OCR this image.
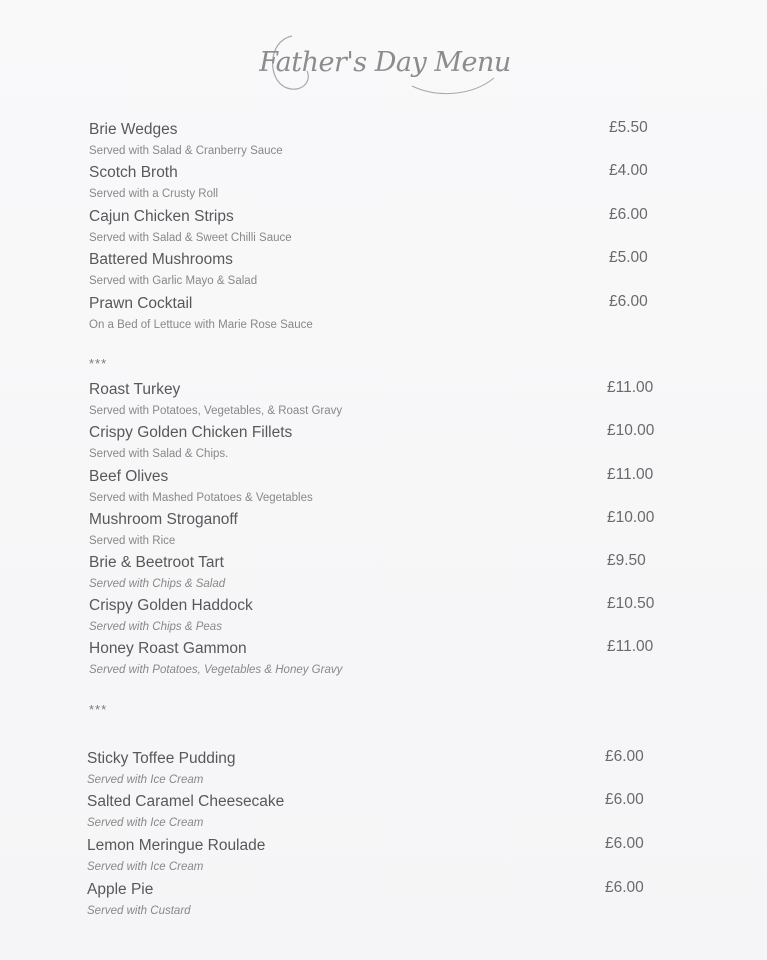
Father's Day Menu
Brie Wedges
Served with Salad & Cranberry Sauce
£5.50
Scotch Broth
Served with a Crusty Roll
£4.00
Cajun Chicken Strips
Served with Salad & Sweet Chilli Sauce
£6.00
Battered Mushrooms
Served with Garlic Mayo & Salad
£5.00
Prawn Cocktail
On a Bed of Lettuce with Marie Rose Sauce
£6.00
***
Roast Turkey
Served with Potatoes, Vegetables, & Roast Gravy
£11.00
Crispy Golden Chicken Fillets
Served with Salad & Chips.
£10.00
Beef Olives
Served with Mashed Potatoes & Vegetables
£11.00
Mushroom Stroganoff
Served with Rice
£10.00
Brie & Beetroot Tart
Served with Chips & Salad
£9.50
Crispy Golden Haddock
Served with Chips & Peas
£10.50
Honey Roast Gammon
Served with Potatoes, Vegetables & Honey Gravy
£11.00
***
Sticky Toffee Pudding
Served with Ice Cream
£6.00
Salted Caramel Cheesecake
Served with Ice Cream
£6.00
Lemon Meringue Roulade
Served with Ice Cream
£6.00
Apple Pie
Served with Custard
£6.00
